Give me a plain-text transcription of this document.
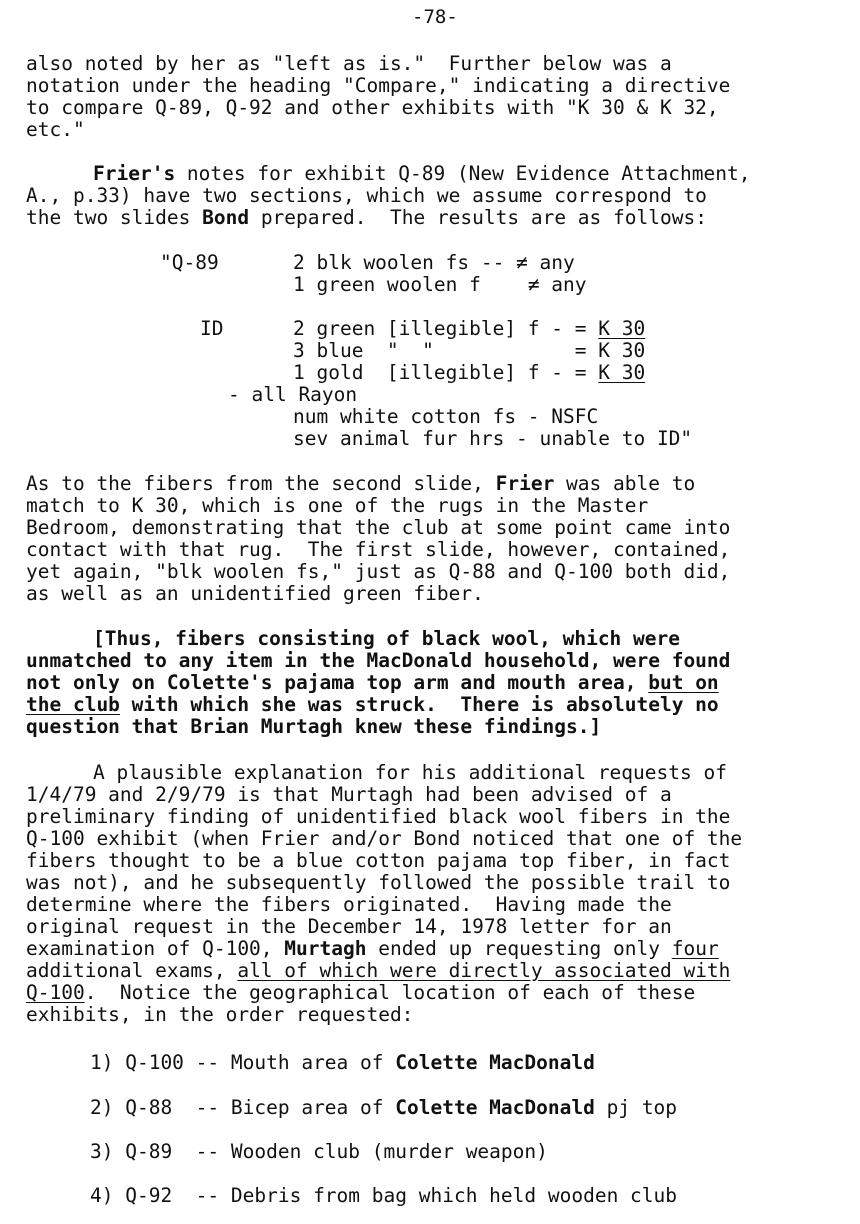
-78-
also noted by her as "left as is."  Further below was a
notation under the heading "Compare," indicating a directive
to compare Q-89, Q-92 and other exhibits with "K 30 & K 32,
etc."
Frier's notes for exhibit Q-89 (New Evidence Attachment,
A., p.33) have two sections, which we assume correspond to
the two slides Bond prepared.  The results are as follows:
"Q-89	2 blk woolen fs -- ≠ any
1 green woolen f    ≠ any
ID	2 green [illegible] f - = K 30
3 blue  "  "            = K 30
1 gold  [illegible] f - = K 30
- all Rayon
num white cotton fs - NSFC
sev animal fur hrs - unable to ID"
As to the fibers from the second slide, Frier was able to
match to K 30, which is one of the rugs in the Master
Bedroom, demonstrating that the club at some point came into
contact with that rug.  The first slide, however, contained,
yet again, "blk woolen fs," just as Q-88 and Q-100 both did,
as well as an unidentified green fiber.
[Thus, fibers consisting of black wool, which were
unmatched to any item in the MacDonald household, were found
not only on Colette's pajama top arm and mouth area, but on
the club with which she was struck.  There is absolutely no
question that Brian Murtagh knew these findings.]
A plausible explanation for his additional requests of
1/4/79 and 2/9/79 is that Murtagh had been advised of a
preliminary finding of unidentified black wool fibers in the
Q-100 exhibit (when Frier and/or Bond noticed that one of the
fibers thought to be a blue cotton pajama top fiber, in fact
was not), and he subsequently followed the possible trail to
determine where the fibers originated.  Having made the
original request in the December 14, 1978 letter for an
examination of Q-100, Murtagh ended up requesting only four
additional exams, all of which were directly associated with
Q-100.  Notice the geographical location of each of these
exhibits, in the order requested:
1) Q-100 -- Mouth area of Colette MacDonald
2) Q-88  -- Bicep area of Colette MacDonald pj top
3) Q-89  -- Wooden club (murder weapon)
4) Q-92  -- Debris from bag which held wooden club
